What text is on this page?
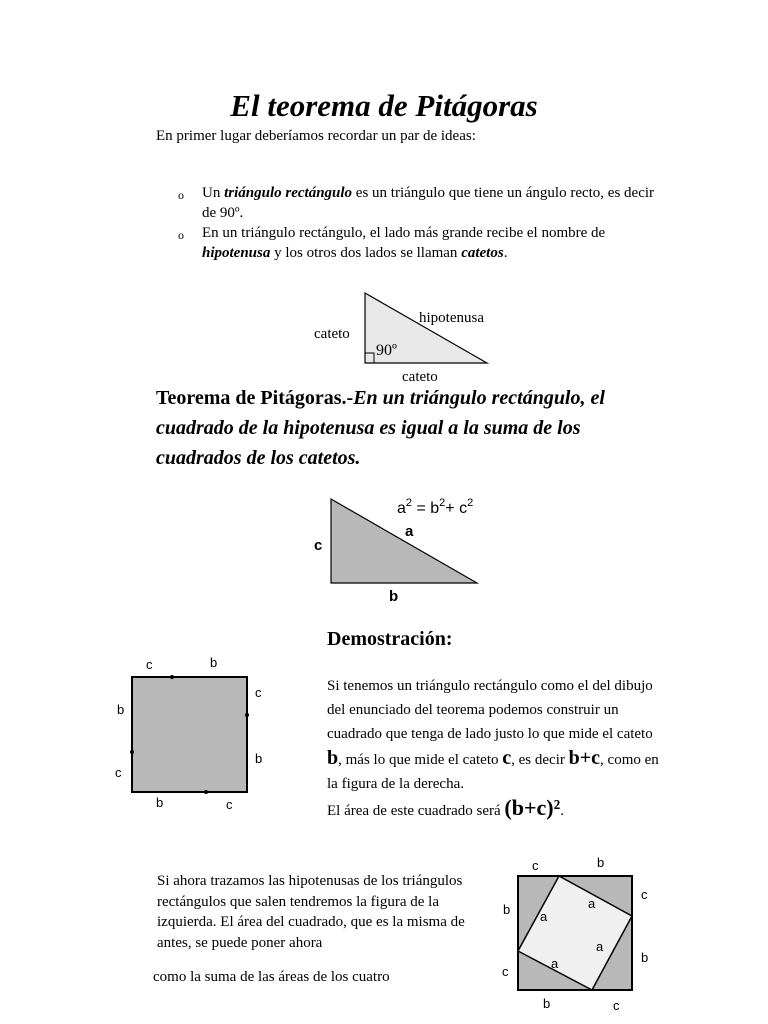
El teorema de Pitágoras
En primer lugar deberíamos recordar un par de ideas:
o Un triángulo rectángulo es un triángulo que tiene un ángulo recto, es decir de 90º.
o En un triángulo rectángulo, el lado más grande recibe el nombre de hipotenusa y los otros dos lados se llaman catetos.
cateto
cateto
hipotenusa
90º
Teorema de Pitágoras.-En un triángulo rectángulo, el cuadrado de la hipotenusa es igual a la suma de los cuadrados de los catetos.
$a^2 = b^2+ c^2$
a
c
b
c	b
c
b
b	c
b
c
Demostración:
Si tenemos un triángulo rectángulo como el del dibujo del enunciado del teorema podemos construir un cuadrado que tenga de lado justo lo que mide el cateto b, más lo que mide el cateto c, es decir b+c, como en la figura de la derecha.
El área de este cuadrado será (b+c)².
Si ahora trazamos las hipotenusas de los triángulos rectángulos que salen tendremos la figura de la izquierda. El área del cuadrado, que es la misma de antes, se puede poner ahora
como la suma de las áreas de los cuatro
c	b
c
b
b	c
b
c
a
a
a
a
